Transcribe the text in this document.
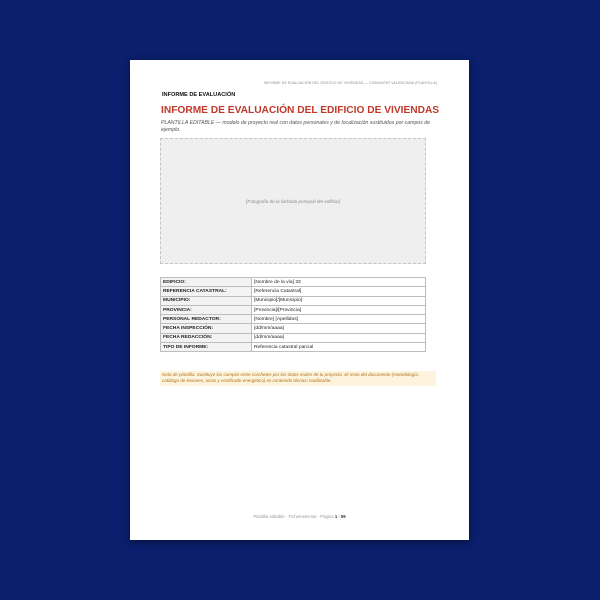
INFORME DE EVALUACIÓN DEL EDIFICIO DE VIVIENDAS — COMUNITAT VALENCIANA (PLANTILLA)
INFORME DE EVALUACIÓN
INFORME DE EVALUACIÓN DEL EDIFICIO DE VIVIENDAS
PLANTILLA EDITABLE — modelo de proyecto real con datos personales y de localización sustituidos por campos de ejemplo.
[Fotografía de la fachada principal del edificio]
EDIFICIO:	[Nombre de la vía] 33
REFERENCIA CATASTRAL:	[Referencia Catastral]
MUNICIPIO:	[Municipio]/[Municipio]
PROVINCIA:	[Provincia]/[Provincia]
PERSONAL REDACTOR:	[Nombre] [Apellidos]
FECHA INSPECCIÓN:	[dd/mm/aaaa]
FECHA REDACCIÓN:	[dd/mm/aaaa]
TIPO DE INFORME:	Referencia catastral parcial
Nota de plantilla: Sustituye los campos entre corchetes por los datos reales de tu proyecto. El resto del documento (metodología, catálogo de lesiones, actas y certificado energético) es contenido técnico reutilizable.
Plantilla editable · Fichemetecnia · Página 1 / 59
